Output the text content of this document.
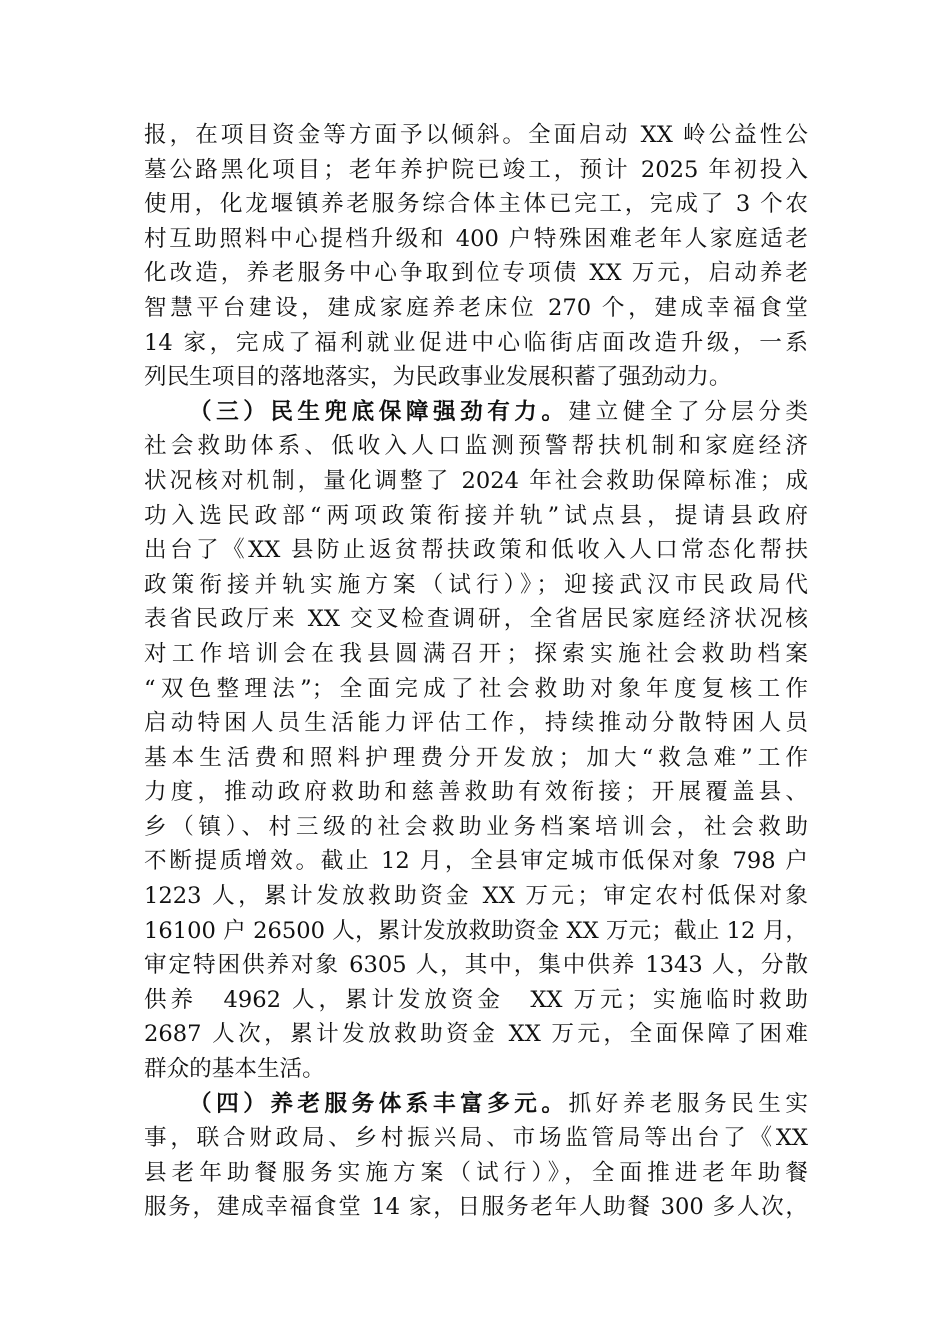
报，在项目资金等方面予以倾斜。全面启动 XX 岭公益性公
墓公路黑化项目；老年养护院已竣工，预计 2025 年初投入
使用，化龙堰镇养老服务综合体主体已完工，完成了 3 个农
村互助照料中心提档升级和 400 户特殊困难老年人家庭适老
化改造，养老服务中心争取到位专项债 XX 万元，启动养老
智慧平台建设，建成家庭养老床位 270 个，建成幸福食堂
14 家，完成了福利就业促进中心临街店面改造升级，一系
列民生项目的落地落实，为民政事业发展积蓄了强劲动力。
（三）民生兜底保障强劲有力。建立健全了分层分类
社会救助体系、低收入人口监测预警帮扶机制和家庭经济
状况核对机制，量化调整了 2024 年社会救助保障标准；成
功入选民政部“两项政策衔接并轨”试点县，提请县政府
出台了《XX 县防止返贫帮扶政策和低收入人口常态化帮扶
政策衔接并轨实施方案（试行）》；迎接武汉市民政局代
表省民政厅来 XX 交叉检查调研，全省居民家庭经济状况核
对工作培训会在我县圆满召开；探索实施社会救助档案
“双色整理法”；全面完成了社会救助对象年度复核工作
启动特困人员生活能力评估工作，持续推动分散特困人员
基本生活费和照料护理费分开发放；加大“救急难”工作
力度，推动政府救助和慈善救助有效衔接；开展覆盖县、
乡（镇）、村三级的社会救助业务档案培训会，社会救助
不断提质增效。截止 12 月，全县审定城市低保对象 798 户
1223 人，累计发放救助资金 XX 万元；审定农村低保对象
16100 户 26500 人，累计发放救助资金 XX 万元；截止 12 月，
审定特困供养对象 6305 人，其中，集中供养 1343 人，分散
供养　4962 人，累计发放资金　XX 万元；实施临时救助
2687 人次，累计发放救助资金 XX 万元，全面保障了困难
群众的基本生活。
（四）养老服务体系丰富多元。抓好养老服务民生实
事，联合财政局、乡村振兴局、市场监管局等出台了《XX
县老年助餐服务实施方案（试行）》，全面推进老年助餐
服务，建成幸福食堂 14 家，日服务老年人助餐 300 多人次，
